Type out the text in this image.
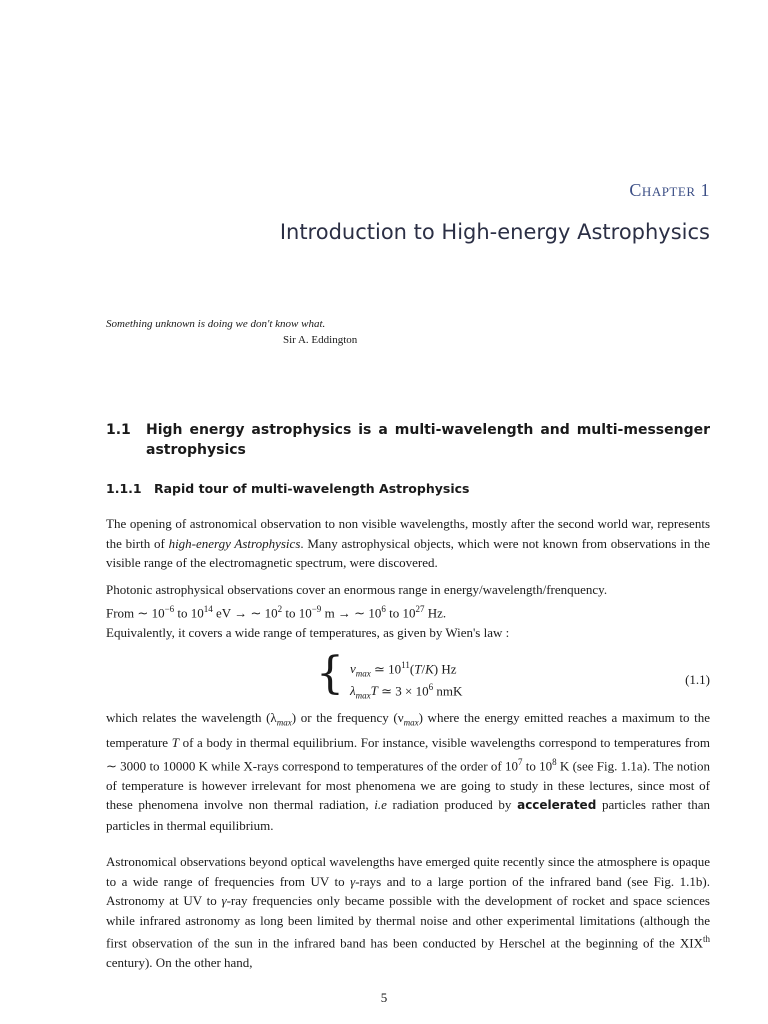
Chapter 1
Introduction to High-energy Astrophysics
Something unknown is doing we don't know what.
Sir A. Eddington
1.1	High energy astrophysics is a multi-wavelength and multi-messenger astrophysics
1.1.1 Rapid tour of multi-wavelength Astrophysics
The opening of astronomical observation to non visible wavelengths, mostly after the second world war, represents the birth of high-energy Astrophysics. Many astrophysical objects, which were not known from observations in the visible range of the electromagnetic spectrum, were discovered.
Photonic astrophysical observations cover an enormous range in energy/wavelength/frenquency.
From ∼ $10^{-6}$ to $10^{14}$ eV → ∼ $10^2$ to $10^{-9}$ m → ∼ $10^6$ to $10^{27}$ Hz.
Equivalently, it covers a wide range of temperatures, as given by Wien's law :
{ $\nu_{max}$ ≃ $10^{11}(T/K)$ Hz
$\lambda_{max}T$ ≃ $3 \times 10^6$ nmK
(1.1)
which relates the wavelength $(\lambda_{max})$ or the frequency $(\nu_{max})$ where the energy emitted reaches a maximum to the temperature T of a body in thermal equilibrium. For instance, visible wavelengths correspond to temperatures from ∼ 3000 to 10000 K while X-rays correspond to temperatures of the order of $10^7$ to $10^8$ K (see Fig. 1.1a). The notion of temperature is however irrelevant for most phenomena we are going to study in these lectures, since most of these phenomena involve non thermal radiation, i.e radiation produced by accelerated particles rather than particles in thermal equilibrium.
Astronomical observations beyond optical wavelengths have emerged quite recently since the atmosphere is opaque to a wide range of frequencies from UV to γ-rays and to a large portion of the infrared band (see Fig. 1.1b). Astronomy at UV to γ-ray frequencies only became possible with the development of rocket and space sciences while infrared astronomy as long been limited by thermal noise and other experimental limitations (although the first observation of the sun in the infrared band has been conducted by Herschel at the beginning of the XIXth century). On the other hand,
5
